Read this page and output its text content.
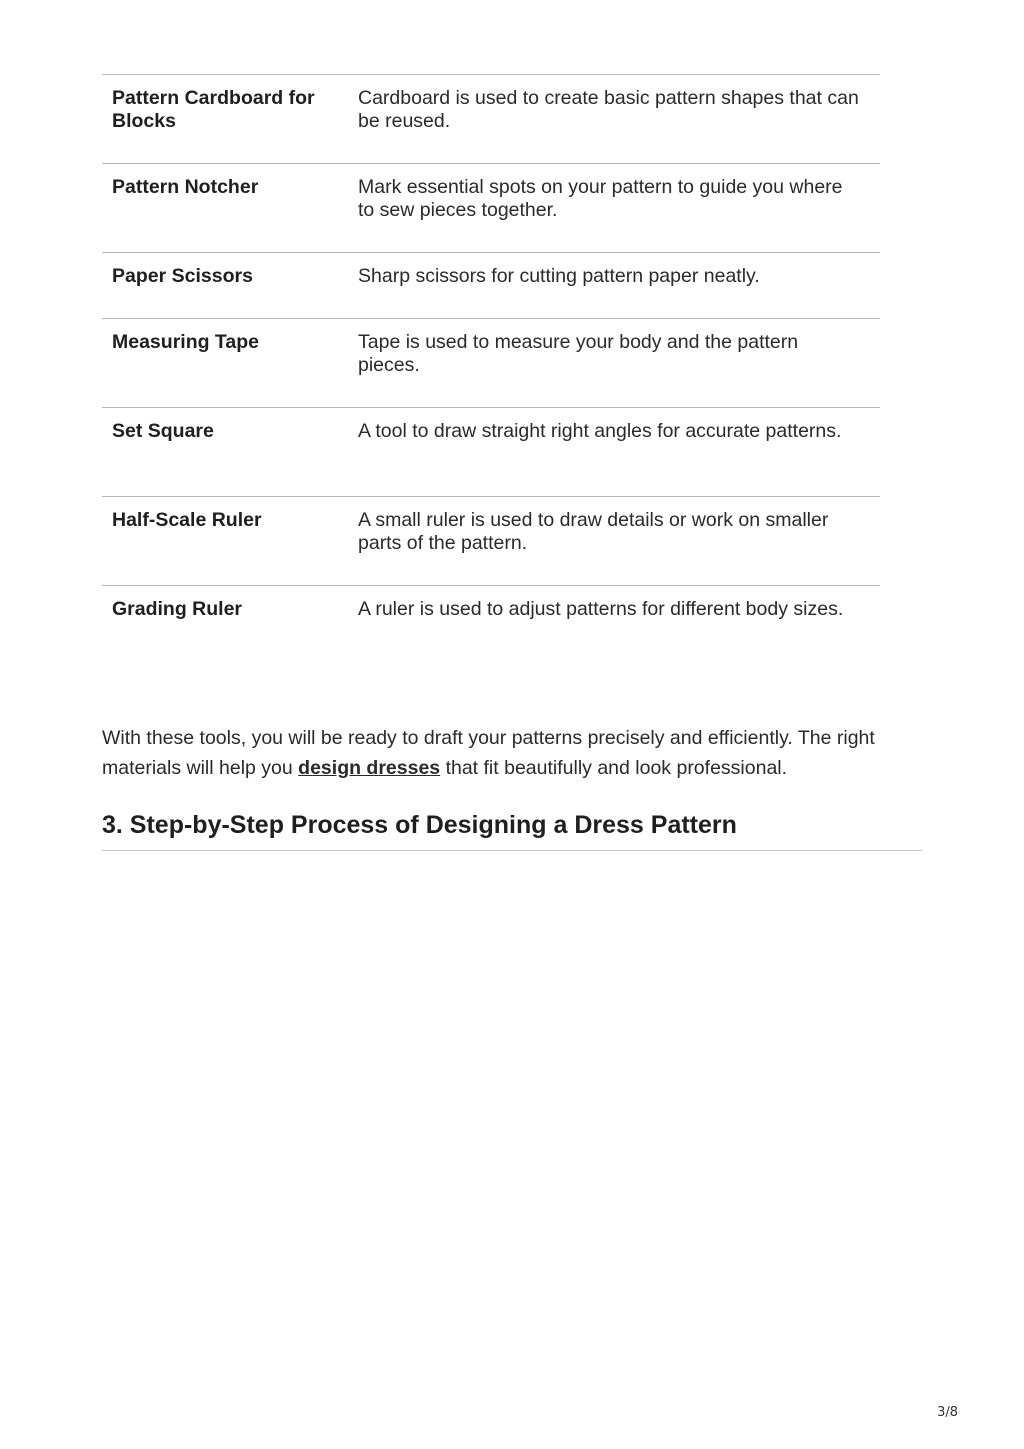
Pattern Cardboard for Blocks	Cardboard is used to create basic pattern shapes that can be reused.
Pattern Notcher	Mark essential spots on your pattern to guide you where to sew pieces together.
Paper Scissors	Sharp scissors for cutting pattern paper neatly.
Measuring Tape	Tape is used to measure your body and the pattern pieces.
Set Square	A tool to draw straight right angles for accurate patterns.
Half-Scale Ruler	A small ruler is used to draw details or work on smaller parts of the pattern.
Grading Ruler	A ruler is used to adjust patterns for different body sizes.

With these tools, you will be ready to draft your patterns precisely and efficiently. The right materials will help you design dresses that fit beautifully and look professional.

3. Step-by-Step Process of Designing a Dress Pattern
3/8
